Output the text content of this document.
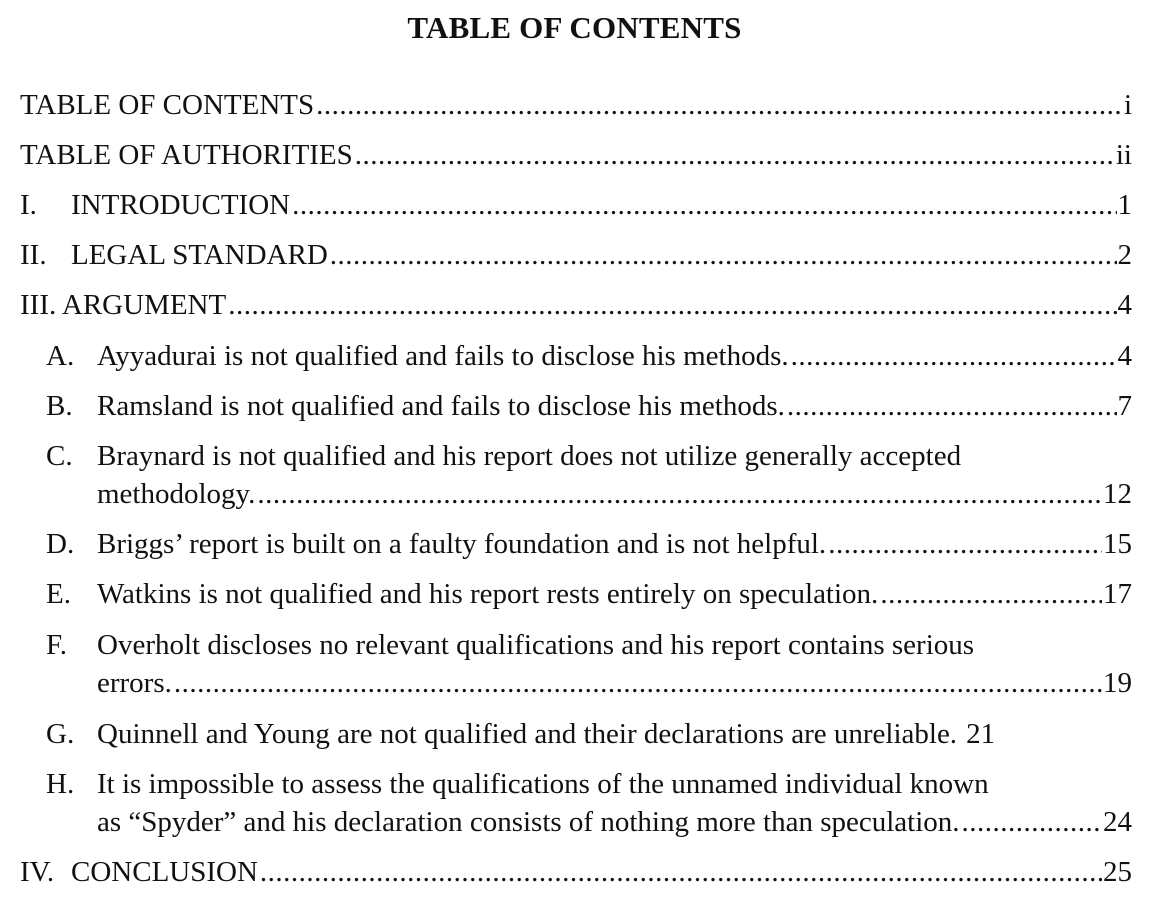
TABLE OF CONTENTS
TABLE OF CONTENTS .....	i
TABLE OF AUTHORITIES .....	ii
I. INTRODUCTION .....	1
II. LEGAL STANDARD .....	2
III. ARGUMENT .....	4
A. Ayyadurai is not qualified and fails to disclose his methods. .....	4
B. Ramsland is not qualified and fails to disclose his methods. .....	7
C. Braynard is not qualified and his report does not utilize generally accepted
methodology. .....	12
D. Briggs’ report is built on a faulty foundation and is not helpful. .....	15
E. Watkins is not qualified and his report rests entirely on speculation. .....	17
F. Overholt discloses no relevant qualifications and his report contains serious
errors. .....	19
G. Quinnell and Young are not qualified and their declarations are unreliable. 21
H. It is impossible to assess the qualifications of the unnamed individual known
as “Spyder” and his declaration consists of nothing more than speculation. .....	24
IV. CONCLUSION .....	25
